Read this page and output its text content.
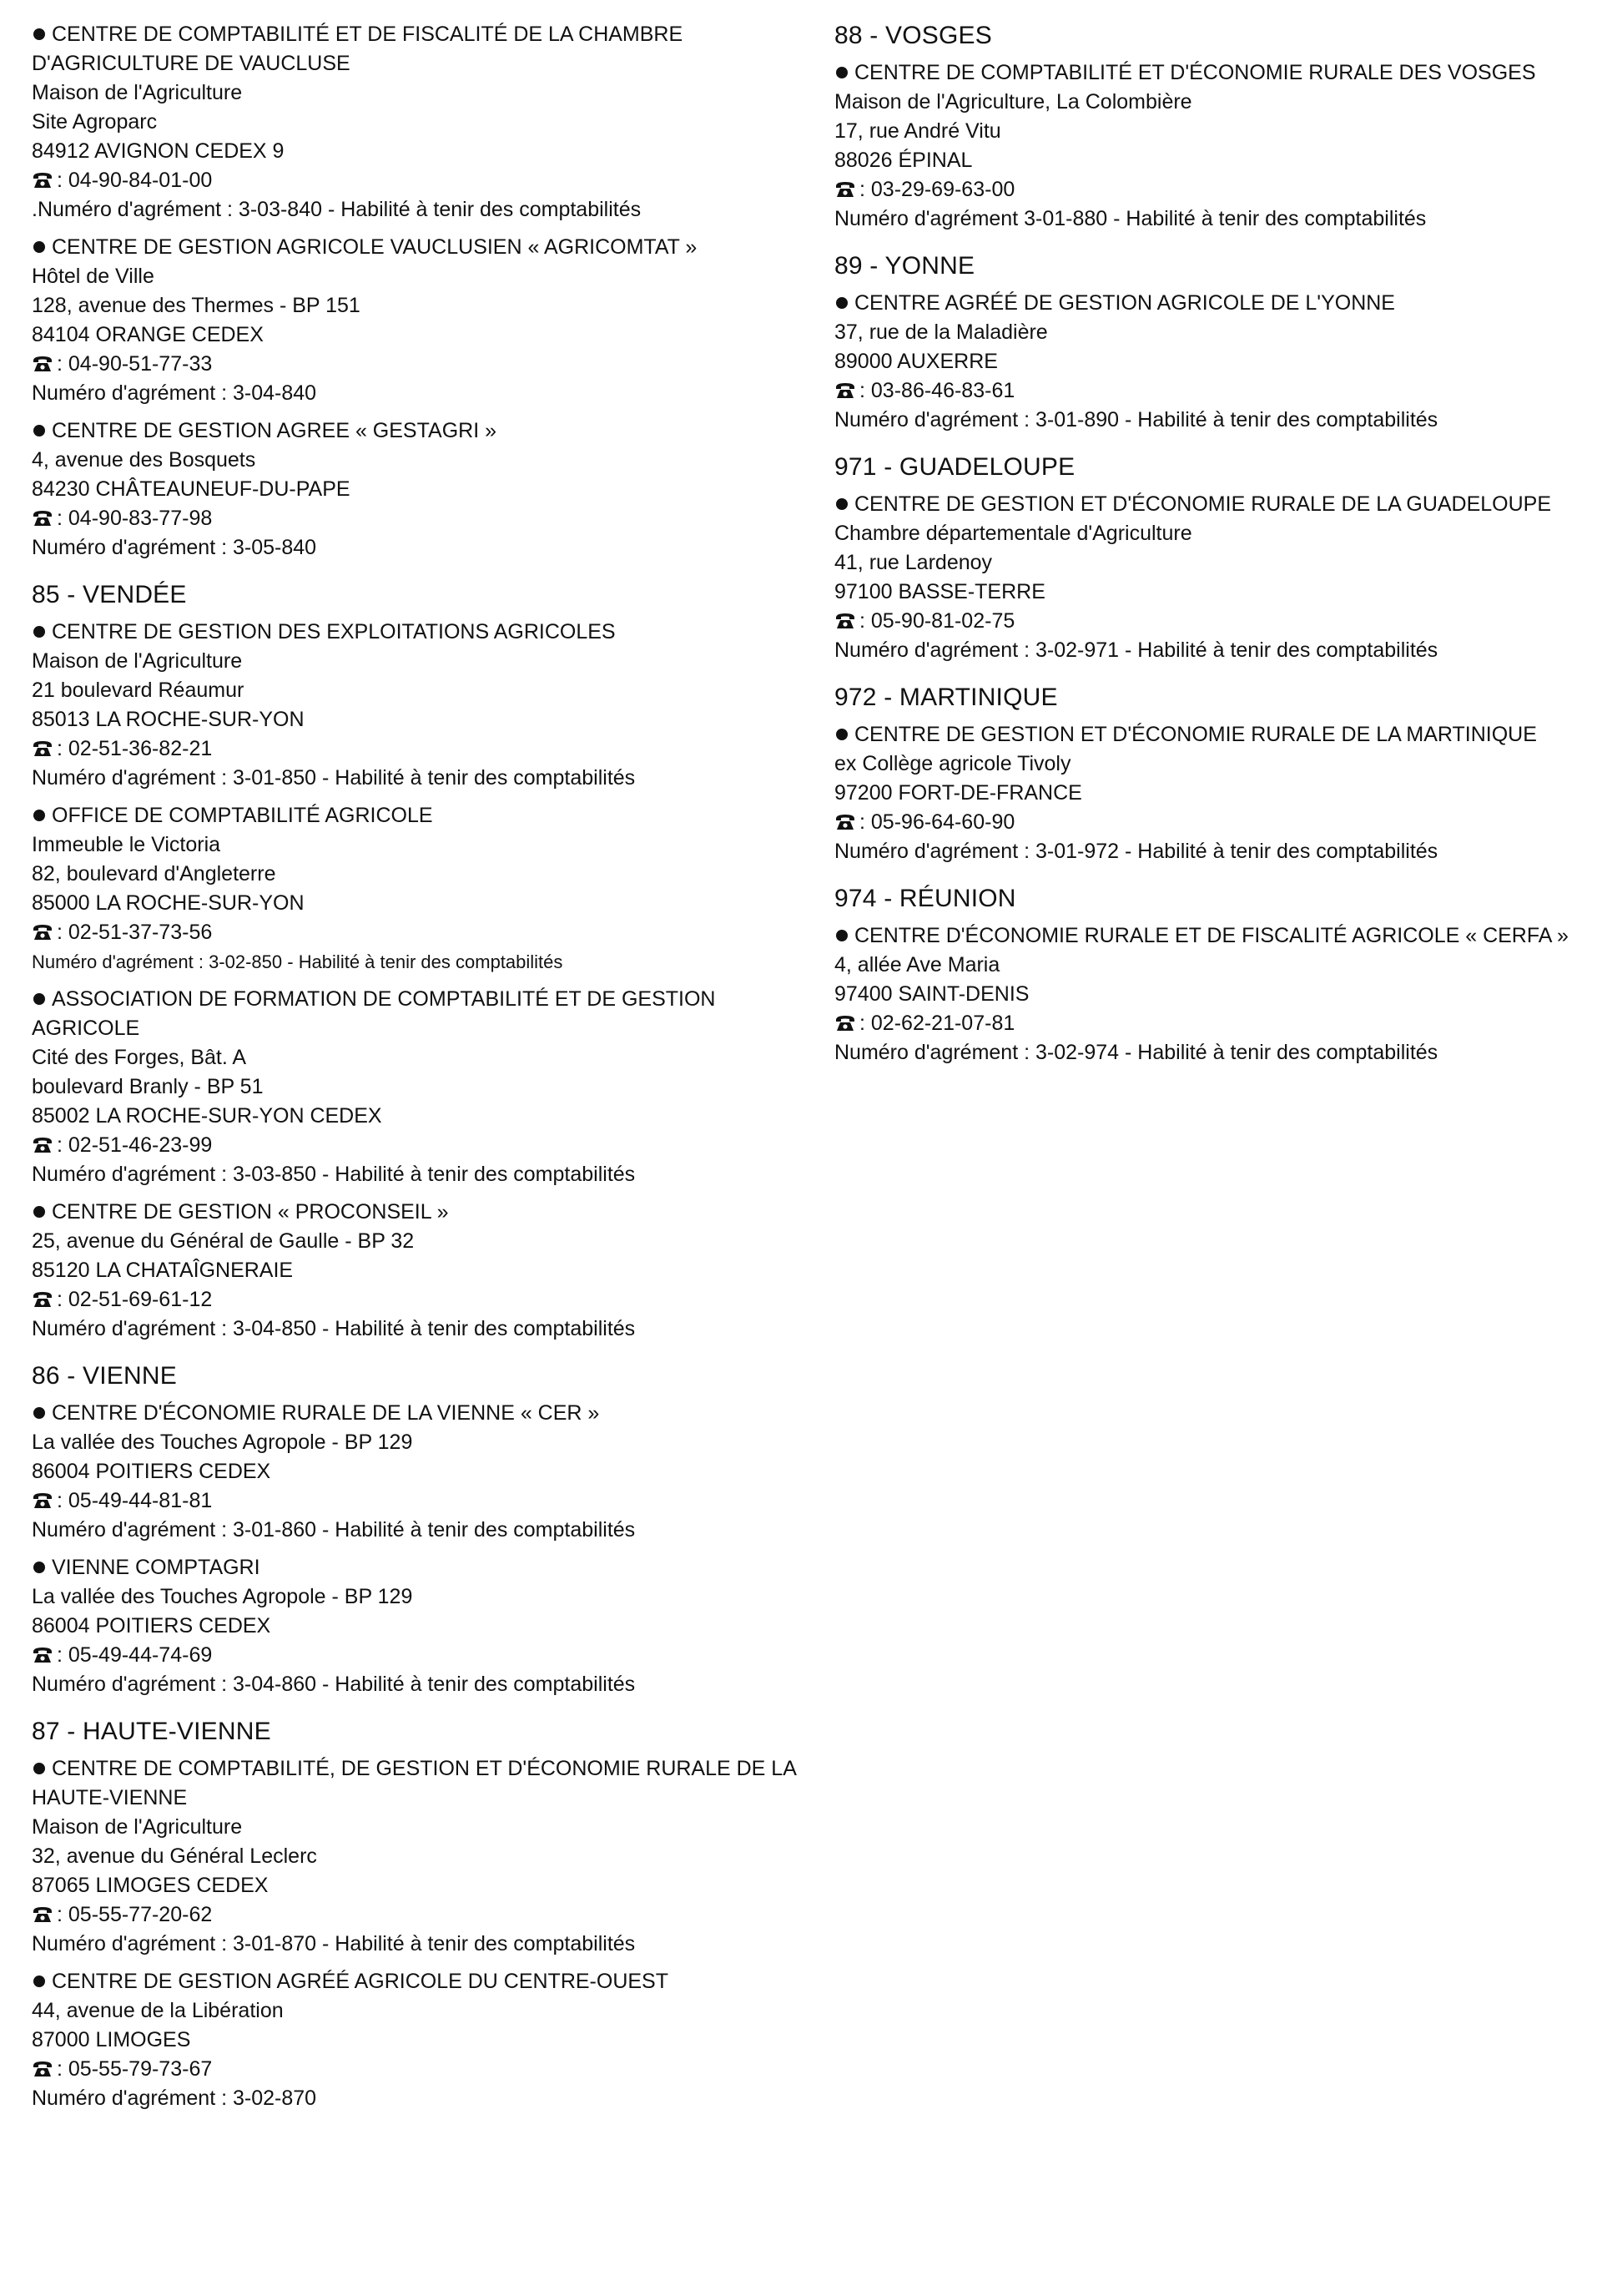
CENTRE DE COMPTABILITÉ ET DE FISCALITÉ DE LA CHAMBRE D'AGRICULTURE DE VAUCLUSE
Maison de l'Agriculture
Site Agroparc
84912 AVIGNON CEDEX 9
: 04-90-84-01-00
.Numéro d'agrément : 3-03-840 - Habilité à tenir des comptabilités
CENTRE DE GESTION AGRICOLE VAUCLUSIEN « AGRICOMTAT »
Hôtel de Ville
128, avenue des Thermes - BP 151
84104 ORANGE CEDEX
: 04-90-51-77-33
Numéro d'agrément : 3-04-840
CENTRE DE GESTION AGREE « GESTAGRI »
4, avenue des Bosquets
84230 CHÂTEAUNEUF-DU-PAPE
: 04-90-83-77-98
Numéro d'agrément : 3-05-840
85 - VENDÉE
CENTRE DE GESTION DES EXPLOITATIONS AGRICOLES
Maison de l'Agriculture
21 boulevard Réaumur
85013 LA ROCHE-SUR-YON
: 02-51-36-82-21
Numéro d'agrément : 3-01-850 - Habilité à tenir des comptabilités
OFFICE DE COMPTABILITÉ AGRICOLE
Immeuble le Victoria
82, boulevard d'Angleterre
85000 LA ROCHE-SUR-YON
: 02-51-37-73-56
Numéro d'agrément : 3-02-850 - Habilité à tenir des comptabilités
ASSOCIATION DE FORMATION DE COMPTABILITÉ ET DE GESTION AGRICOLE
Cité des Forges, Bât. A
boulevard Branly - BP 51
85002 LA ROCHE-SUR-YON CEDEX
: 02-51-46-23-99
Numéro d'agrément : 3-03-850 - Habilité à tenir des comptabilités
CENTRE DE GESTION « PROCONSEIL »
25, avenue du Général de Gaulle - BP 32
85120 LA CHATAÎGNERAIE
: 02-51-69-61-12
Numéro d'agrément : 3-04-850 - Habilité à tenir des comptabilités
86 - VIENNE
CENTRE D'ÉCONOMIE RURALE DE LA VIENNE « CER »
La vallée des Touches Agropole - BP 129
86004 POITIERS CEDEX
: 05-49-44-81-81
Numéro d'agrément : 3-01-860 - Habilité à tenir des comptabilités
VIENNE COMPTAGRI
La vallée des Touches Agropole - BP 129
86004 POITIERS CEDEX
: 05-49-44-74-69
Numéro d'agrément : 3-04-860 - Habilité à tenir des comptabilités
87 - HAUTE-VIENNE
CENTRE DE COMPTABILITÉ, DE GESTION ET D'ÉCONOMIE RURALE DE LA HAUTE-VIENNE
Maison de l'Agriculture
32, avenue du Général Leclerc
87065 LIMOGES CEDEX
: 05-55-77-20-62
Numéro d'agrément : 3-01-870 - Habilité à tenir des comptabilités
CENTRE DE GESTION AGRÉÉ AGRICOLE DU CENTRE-OUEST
44, avenue de la Libération
87000 LIMOGES
: 05-55-79-73-67
Numéro d'agrément : 3-02-870
88 - VOSGES
CENTRE DE COMPTABILITÉ ET D'ÉCONOMIE RURALE DES VOSGES
Maison de l'Agriculture, La Colombière
17, rue André Vitu
88026 ÉPINAL
: 03-29-69-63-00
Numéro d'agrément 3-01-880 - Habilité à tenir des comptabilités
89 - YONNE
CENTRE AGRÉÉ DE GESTION AGRICOLE DE L'YONNE
37, rue de la Maladière
89000 AUXERRE
: 03-86-46-83-61
Numéro d'agrément : 3-01-890 - Habilité à tenir des comptabilités
971 - GUADELOUPE
CENTRE DE GESTION ET D'ÉCONOMIE RURALE DE LA GUADELOUPE
Chambre départementale d'Agriculture
41, rue Lardenoy
97100 BASSE-TERRE
: 05-90-81-02-75
Numéro d'agrément : 3-02-971 - Habilité à tenir des comptabilités
972 - MARTINIQUE
CENTRE DE GESTION ET D'ÉCONOMIE RURALE DE LA MARTINIQUE
ex Collège agricole Tivoly
97200 FORT-DE-FRANCE
: 05-96-64-60-90
Numéro d'agrément : 3-01-972 - Habilité à tenir des comptabilités
974 - RÉUNION
CENTRE D'ÉCONOMIE RURALE ET DE FISCALITÉ AGRICOLE « CERFA »
4, allée Ave Maria
97400 SAINT-DENIS
: 02-62-21-07-81
Numéro d'agrément : 3-02-974 - Habilité à tenir des comptabilités
